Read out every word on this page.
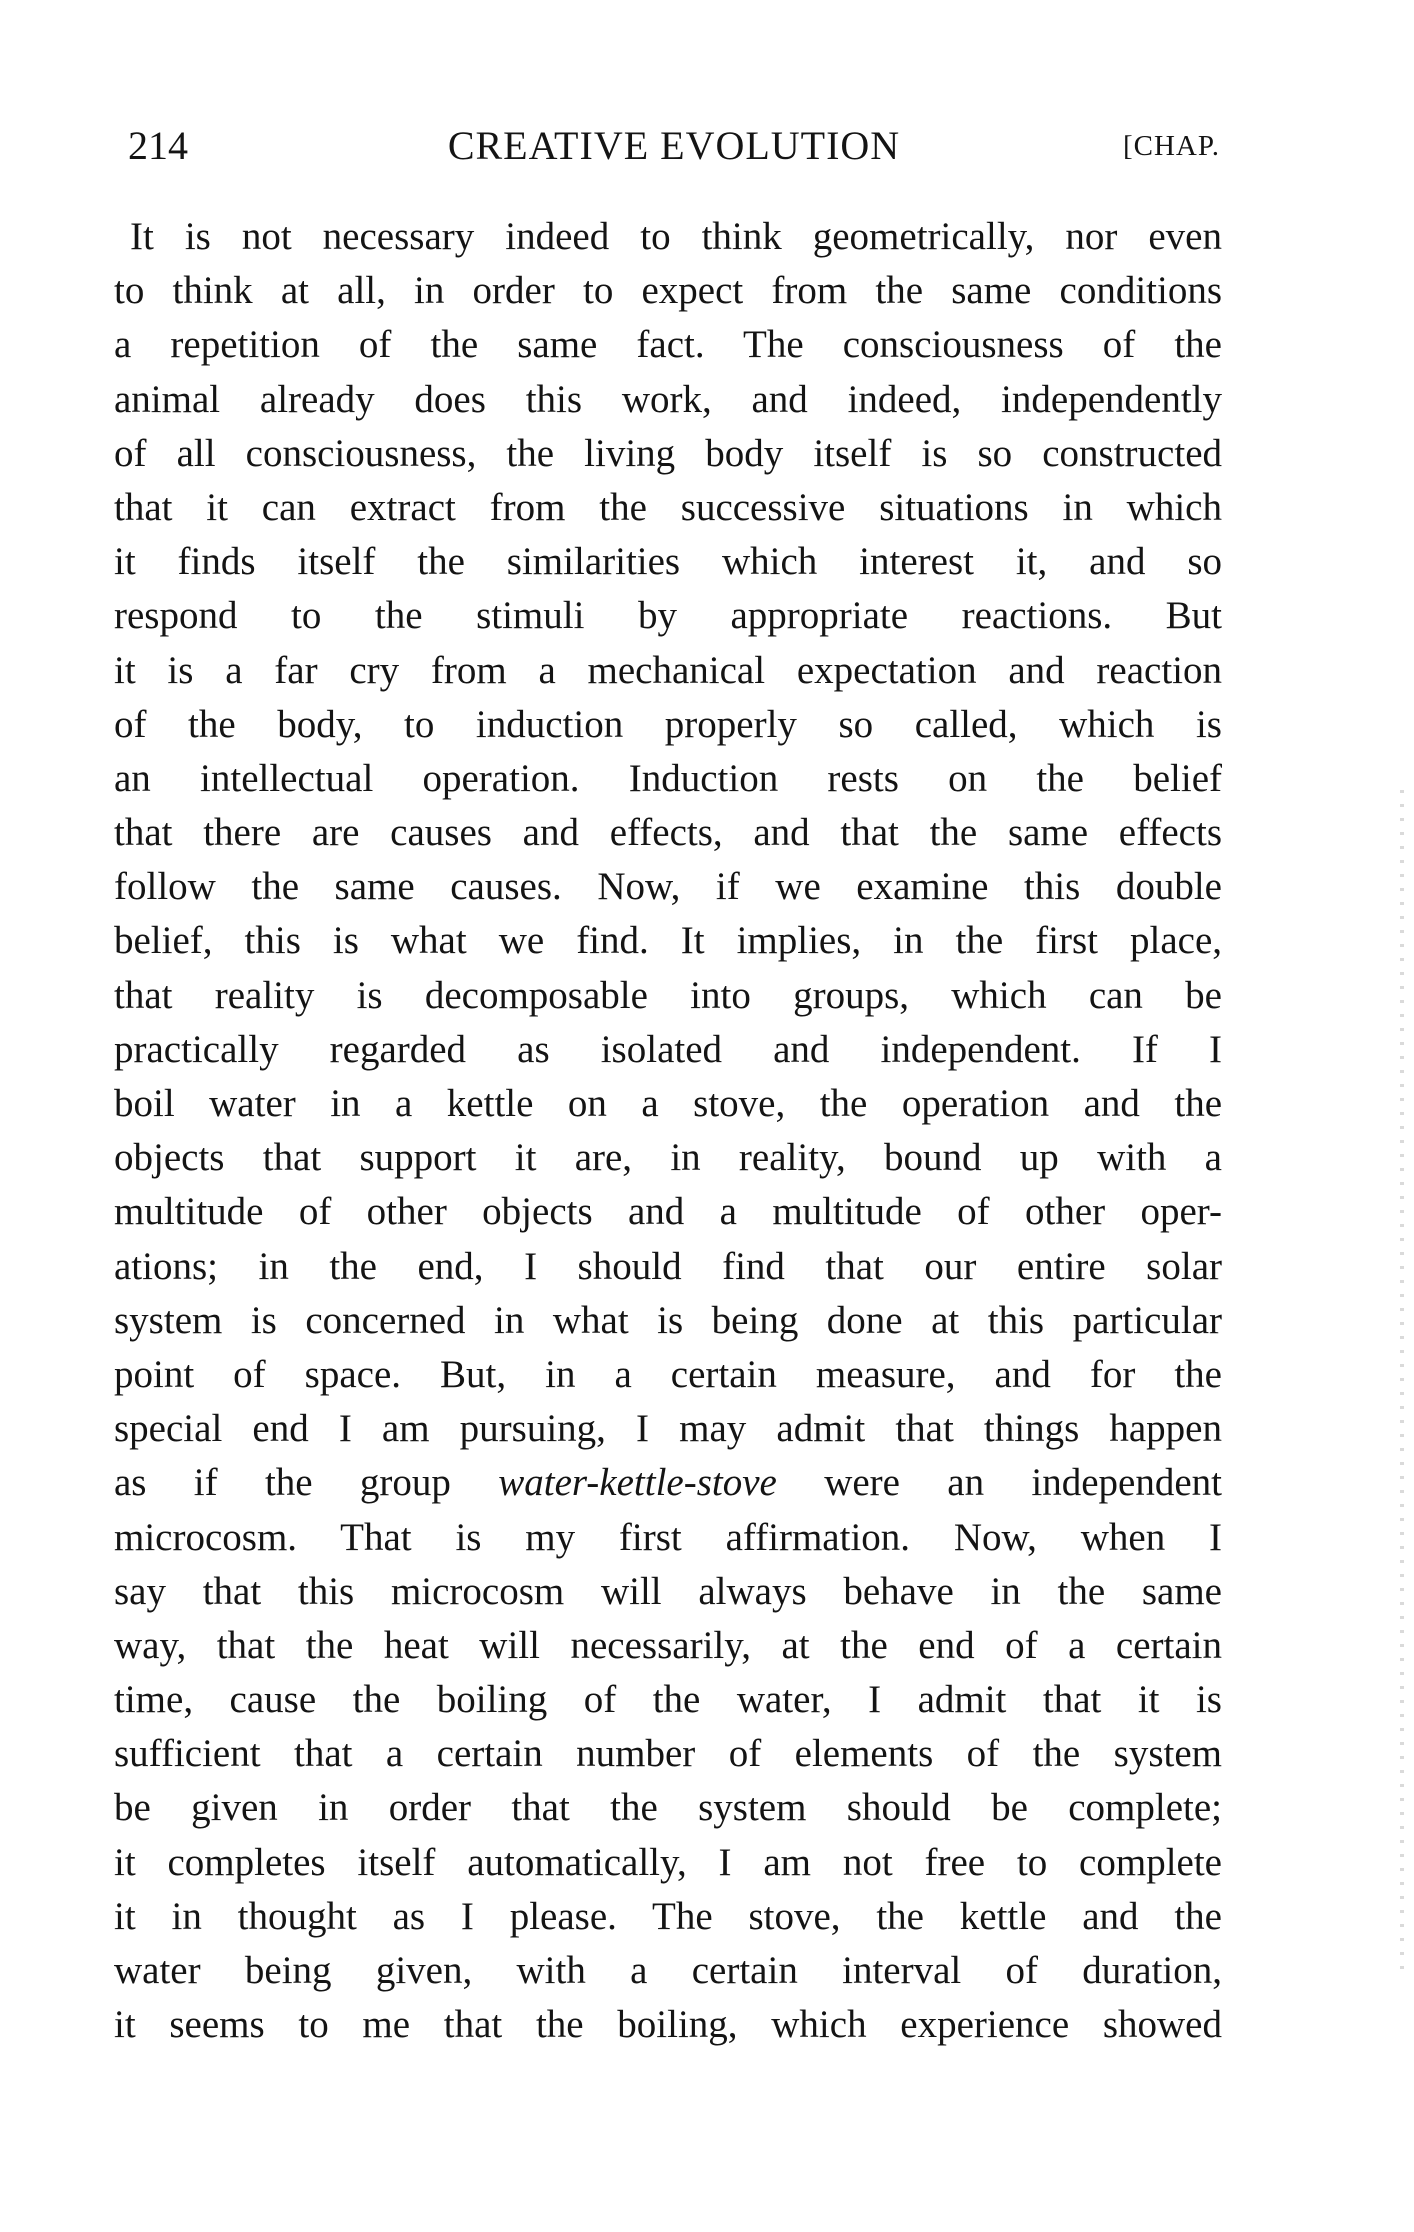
214	CREATIVE EVOLUTION	[CHAP.
It is not necessary indeed to think geometrically, nor even
to think at all, in order to expect from the same conditions
a repetition of the same fact. The consciousness of the
animal already does this work, and indeed, independently
of all consciousness, the living body itself is so constructed
that it can extract from the successive situations in which
it finds itself the similarities which interest it, and so
respond to the stimuli by appropriate reactions. But
it is a far cry from a mechanical expectation and reaction
of the body, to induction properly so called, which is
an intellectual operation. Induction rests on the belief
that there are causes and effects, and that the same effects
follow the same causes. Now, if we examine this double
belief, this is what we find. It implies, in the first place,
that reality is decomposable into groups, which can be
practically regarded as isolated and independent. If I
boil water in a kettle on a stove, the operation and the
objects that support it are, in reality, bound up with a
multitude of other objects and a multitude of other oper-
ations; in the end, I should find that our entire solar
system is concerned in what is being done at this particular
point of space. But, in a certain measure, and for the
special end I am pursuing, I may admit that things happen
as if the group water-kettle-stove were an independent
microcosm. That is my first affirmation. Now, when I
say that this microcosm will always behave in the same
way, that the heat will necessarily, at the end of a certain
time, cause the boiling of the water, I admit that it is
sufficient that a certain number of elements of the system
be given in order that the system should be complete;
it completes itself automatically, I am not free to complete
it in thought as I please. The stove, the kettle and the
water being given, with a certain interval of duration,
it seems to me that the boiling, which experience showed
